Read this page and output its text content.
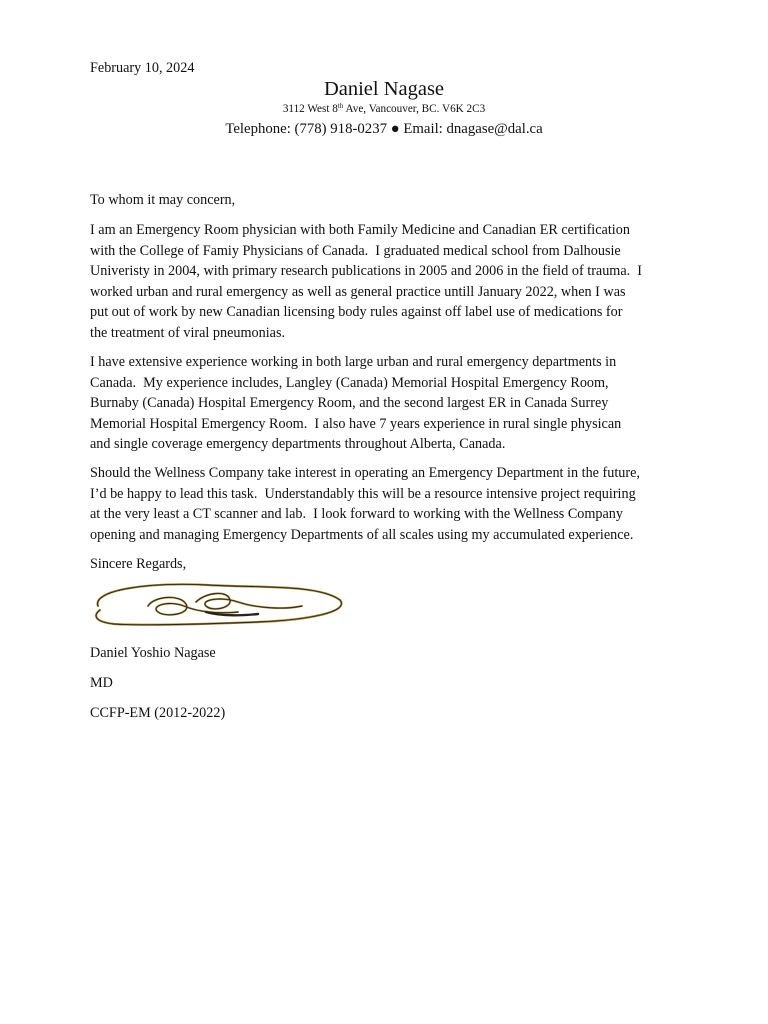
February 10, 2024
Daniel Nagase
3112 West 8th Ave, Vancouver, BC. V6K 2C3
Telephone: (778) 918-0237 ● Email: dnagase@dal.ca

To whom it may concern,

I am an Emergency Room physician with both Family Medicine and Canadian ER certification
with the College of Famiy Physicians of Canada.  I graduated medical school from Dalhousie
Univeristy in 2004, with primary research publications in 2005 and 2006 in the field of trauma.  I
worked urban and rural emergency as well as general practice untill January 2022, when I was
put out of work by new Canadian licensing body rules against off label use of medications for
the treatment of viral pneumonias.

I have extensive experience working in both large urban and rural emergency departments in
Canada.  My experience includes, Langley (Canada) Memorial Hospital Emergency Room,
Burnaby (Canada) Hospital Emergency Room, and the second largest ER in Canada Surrey
Memorial Hospital Emergency Room.  I also have 7 years experience in rural single physican
and single coverage emergency departments throughout Alberta, Canada.

Should the Wellness Company take interest in operating an Emergency Department in the future,
I’d be happy to lead this task.  Understandably this will be a resource intensive project requiring
at the very least a CT scanner and lab.  I look forward to working with the Wellness Company
opening and managing Emergency Departments of all scales using my accumulated experience.

Sincere Regards,
Daniel Yoshio Nagase
MD
CCFP-EM (2012-2022)
